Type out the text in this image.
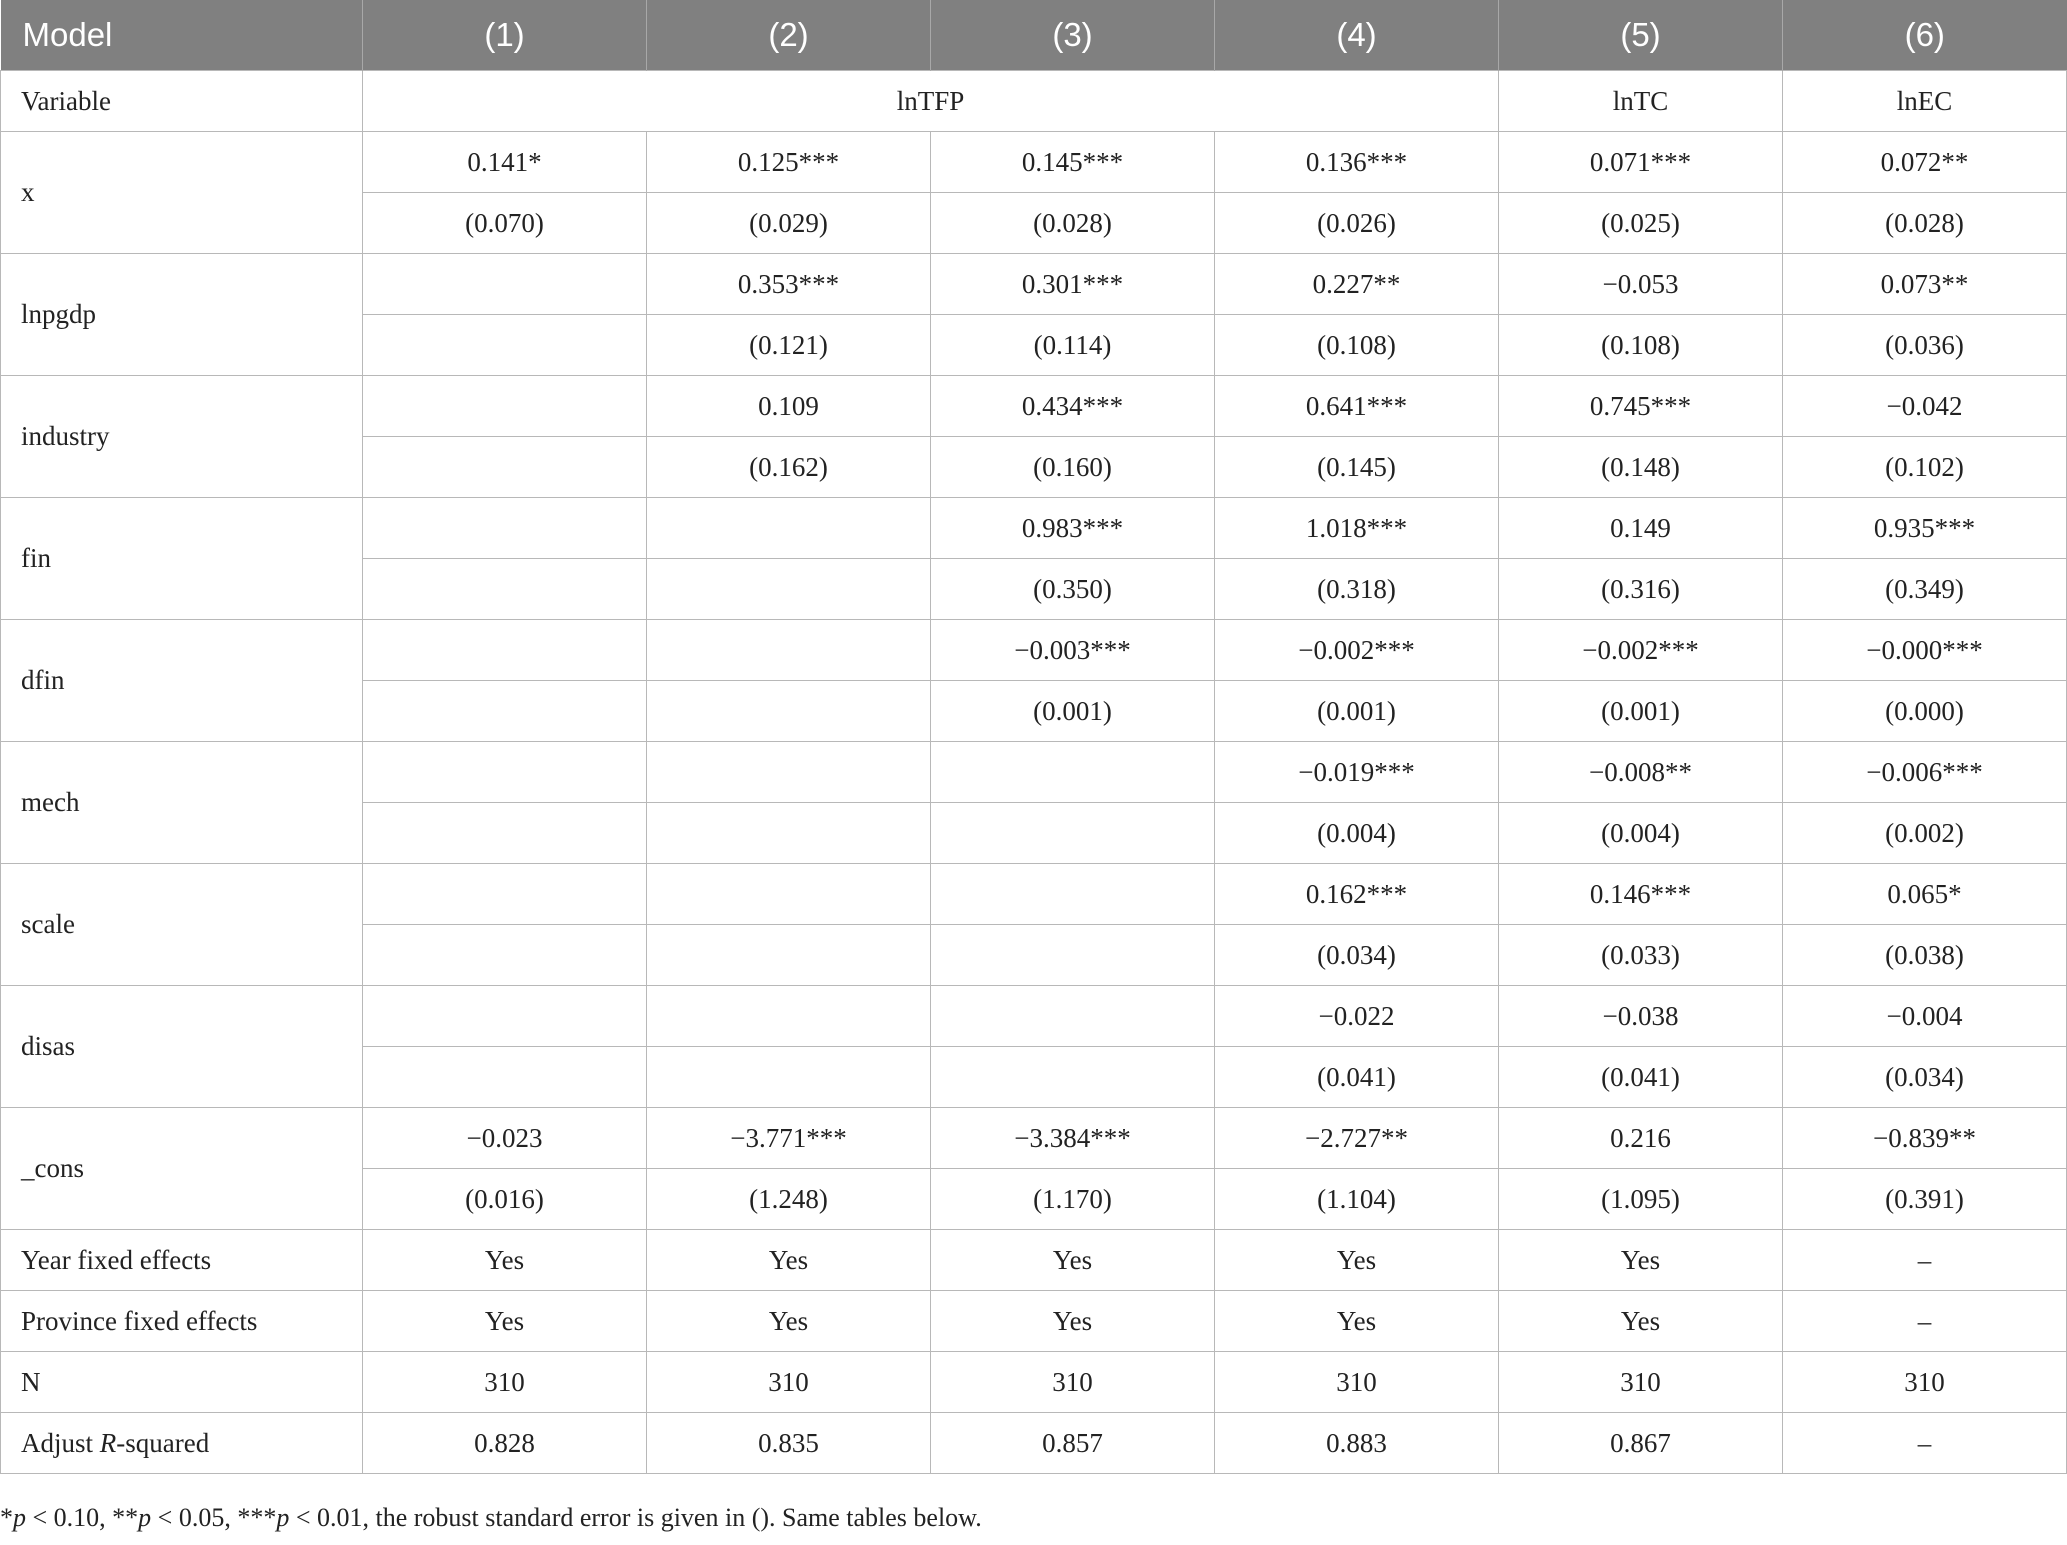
Model	(1)	(2)	(3)	(4)	(5)	(6)
Variable	lnTFP				lnTC	lnEC
x	0.141*	0.125***	0.145***	0.136***	0.071***	0.072**
	(0.070)	(0.029)	(0.028)	(0.026)	(0.025)	(0.028)
lnpgdp		0.353***	0.301***	0.227**	−0.053	0.073**
		(0.121)	(0.114)	(0.108)	(0.108)	(0.036)
industry		0.109	0.434***	0.641***	0.745***	−0.042
		(0.162)	(0.160)	(0.145)	(0.148)	(0.102)
fin			0.983***	1.018***	0.149	0.935***
			(0.350)	(0.318)	(0.316)	(0.349)
dfin			−0.003***	−0.002***	−0.002***	−0.000***
			(0.001)	(0.001)	(0.001)	(0.000)
mech				−0.019***	−0.008**	−0.006***
				(0.004)	(0.004)	(0.002)
scale				0.162***	0.146***	0.065*
				(0.034)	(0.033)	(0.038)
disas				−0.022	−0.038	−0.004
				(0.041)	(0.041)	(0.034)
_cons	−0.023	−3.771***	−3.384***	−2.727**	0.216	−0.839**
	(0.016)	(1.248)	(1.170)	(1.104)	(1.095)	(0.391)
Year fixed effects	Yes	Yes	Yes	Yes	Yes	–
Province fixed effects	Yes	Yes	Yes	Yes	Yes	–
N	310	310	310	310	310	310
Adjust R-squared	0.828	0.835	0.857	0.883	0.867	–
*p < 0.10, **p < 0.05, ***p < 0.01, the robust standard error is given in (). Same tables below.
